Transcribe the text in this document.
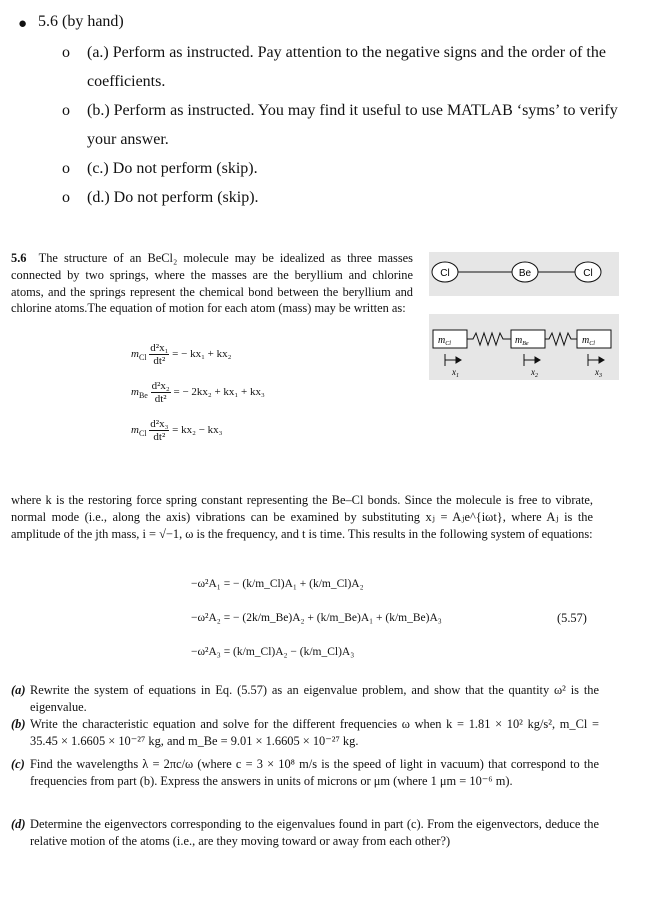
● 5.6 (by hand)
o	(a.) Perform as instructed. Pay attention to the negative signs and the order of the coefficients.
o	(b.) Perform as instructed. You may find it useful to use MATLAB ‘syms’ to verify your answer.
o	(c.) Do not perform (skip).
o	(d.) Do not perform (skip).
5.6 The structure of an BeCl₂ molecule may be idealized as three masses connected by two springs, where the masses are the beryllium and chlorine atoms, and the springs represent the chemical bond between the beryllium and chlorine atoms.The equation of motion for each atom (mass) may be written as:
$m_{Cl} \frac{\text{d²x₁}}{\text{dt²}}$ = − kx₁ + kx₂
$m_{Be} \frac{\text{d²x₂}}{\text{dt²}}$ = − 2kx₂ + kx₁ + kx₃
$m_{Cl} \frac{\text{d²x₃}}{\text{dt²}} = kx_2 - kx_3$
Cl	Be	Cl
$m_{Cl}$	$m_{Be}$	$m_{Cl}$
$x_1$	$x_2$	$x_3$
where k is the restoring force spring constant representing the Be–Cl bonds. Since the molecule is free to vibrate, normal mode (i.e., along the axis) vibrations can be examined by substituting xⱼ = Aⱼe^{iωt}, where Aⱼ is the amplitude of the jth mass, i = √−1, ω is the frequency, and t is time. This results in the following system of equations:
−ω²A₁ = − (k/m_Cl)A₁ + (k/m_Cl)A₂
−ω²A₂ = − (2k/m_Be)A₂ + (k/m_Be)A₁ + (k/m_Be)A₃
−ω²A₃ = (k/m_Cl)A₂ − (k/m_Cl)A₃
(5.57)
(a) Rewrite the system of equations in Eq. (5.57) as an eigenvalue problem, and show that the quantity ω² is the eigenvalue.
(b) Write the characteristic equation and solve for the different frequencies ω when k = 1.81 × 10² kg/s², m_Cl = 35.45 × 1.6605 × 10⁻²⁷ kg, and m_Be = 9.01 × 1.6605 × 10⁻²⁷ kg.
(c) Find the wavelengths λ = 2πc/ω (where c = 3 × 10⁸ m/s is the speed of light in vacuum) that correspond to the frequencies from part (b). Express the answers in units of microns or μm (where 1 μm = 10⁻⁶ m).
(d) Determine the eigenvectors corresponding to the eigenvalues found in part (c). From the eigenvectors, deduce the relative motion of the atoms (i.e., are they moving toward or away from each other?)
